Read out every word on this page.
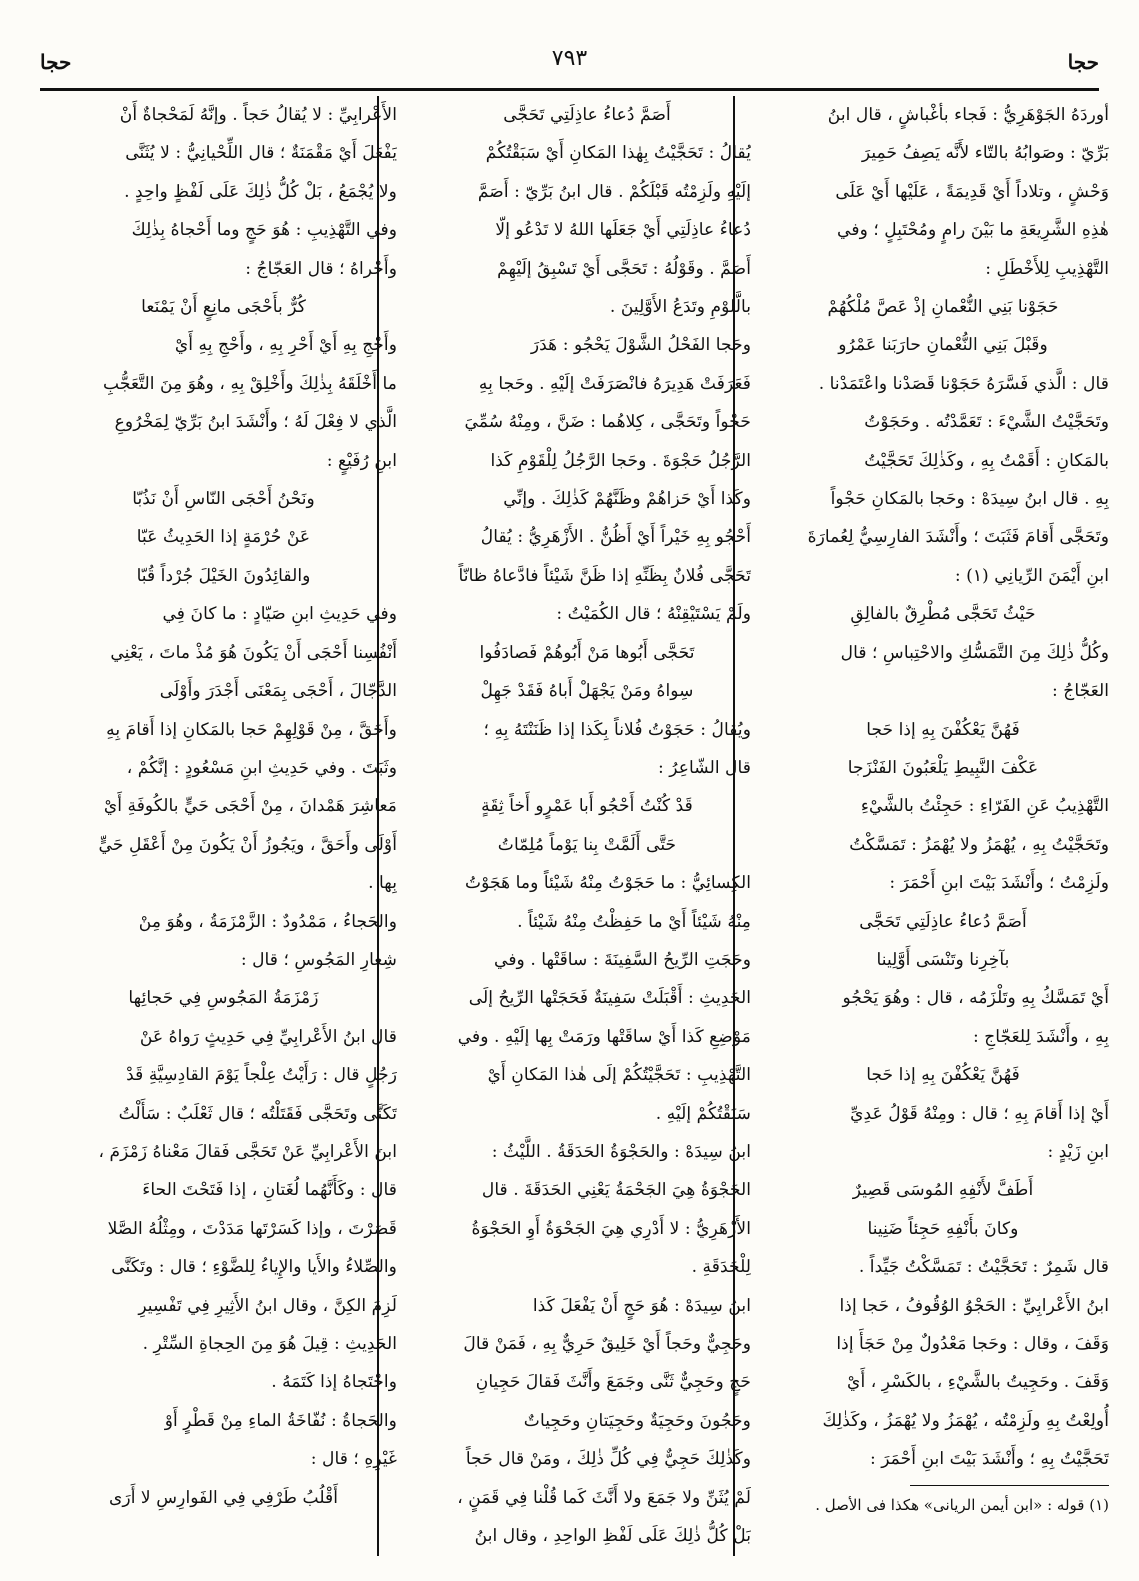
حجا	٧٩٣	حجا
أوردَهُ الجَوْهَرِيُّ : فَجاء بأغْباشٍ ، قال ابنُ
بَرِّيّ : وصَوابُهُ بالتّاء لأَنَّه يَصِفُ حَمِيرَ
وَحْشٍ ، وتلاداً أَيْ قَدِيمَةً ، عَلَيْها أَيْ عَلَى
هٰذِهِ الشَّرِيعَةِ ما بَيْنَ رامٍ ومُحْتَبِلٍ ؛ وفي
التَّهْذِيبِ لِلأَخْطَلِ :
حَجَوْنا بَنِي النُّعْمانِ إذْ عَصَّ مُلْكُهُمْ
وقَبْلَ بَنِي النُّعْمانِ حارَبَنا عَمْرُو
قال : الَّذي فَسَّرَهُ حَجَوْنا قَصَدْنا واعْتَمَدْنا .
وتَحَجَّيْتُ الشَّيْءَ : تَعَمَّدْتُه . وحَجَوْتُ
بالمَكانِ : أَقَمْتُ بِهِ ، وكَذٰلِكَ تَحَجَّيْتُ
بِهِ . قال ابنُ سِيدَهْ : وحَجا بالمَكانِ حَجْواً
وتَحَجَّى أَقامَ فَثَبَتَ ؛ وأَنْشَدَ الفارِسِيُّ لِعُمارَةَ
ابنِ أَيْمَنَ الرِّيانِي (١) :
حَيْثُ تَحَجَّى مُطْرِقٌ بالفالِقِ
وكُلُّ ذٰلِكَ مِنَ التَّمَسُّكِ والاحْتِباسِ ؛ قال
العَجّاجُ :
فَهُنَّ يَعْكُفْنَ بِهِ إذا حَجا
عَكْفَ النَّبِيطِ يَلْعَبُونَ الفَنْزَجا
التَّهْذِيبُ عَنِ الفَرّاءِ : حَجِئْتُ بالشَّيْءِ
وتَحَجَّيْتُ بِهِ ، يُهْمَزُ ولا يُهْمَزُ : تَمَسَّكْتُ
ولَزِمْتُ ؛ وأَنْشَدَ بَيْتَ ابنِ أَحْمَرَ :
أَصَمَّ دُعاءُ عاذِلَتِي تَحَجَّى
بآخِرِنا وتَنْسَى أَوَّلِينا
أَيْ تَمَسَّكُ بِهِ وتَلْزَمُه ، قال : وهُوَ يَحْجُو
بِهِ ، وأَنْشَدَ لِلعَجّاجِ :
فَهُنَّ يَعْكُفْنَ بِهِ إذا حَجا
أَيْ إذا أَقامَ بِهِ ؛ قال : ومِنْهُ قَوْلُ عَدِيِّ
ابنِ زَيْدٍ :
أَطَفَّ لأَنْفِهِ المُوسَى قَصِيرٌ
وكانَ بأَنْفِهِ حَجِئاً ضَنِينا
قال شَمِرٌ : تَحَجَّيْتُ : تَمَسَّكْتُ جَيِّداً .
ابنُ الأَعْرابِيِّ : الحَجْوُ الوُقُوفُ ، حَجا إذا
وَقَفَ ، وقال : وحَجا مَعْدُولٌ مِنْ حَجَأَ إذا
وَقَفَ . وحَجِيتُ بالشَّيْءِ ، بالكَسْرِ ، أَيْ
أُولِعْتُ بِهِ ولَزِمْتُه ، يُهْمَزُ ولا يُهْمَزُ ، وكَذٰلِكَ
تَحَجَّيْتُ بِهِ ؛ وأَنْشَدَ بَيْتَ ابنِ أَحْمَرَ :
(١) قوله : «ابن أيمن الريانى» هكذا فى الأصل .
أَصَمَّ دُعاءُ عاذِلَتِي تَحَجَّى
يُقالُ : تَحَجَّيْتُ بِهٰذا المَكانِ أَيْ سَبَقْتُكُمْ
إلَيْهِ ولَزِمْتُه قَبْلَكُمْ . قال ابنُ بَرِّيّ : أَصَمَّ
دُعاءُ عاذِلَتِي أَيْ جَعَلَها اللهُ لا تَدْعُو إلّا
أَصَمَّ . وقَوْلُهُ : تَحَجَّى أَيْ تَسْبِقُ إلَيْهِمْ
بالَّلوْمِ وتَدَعُ الأَوَّلِينَ .
وحَجا الفَحْلُ الشَّوْلَ يَحْجُو : هَدَرَ
فَعَرَفَتْ هَدِيرَهُ فانْصَرَفَتْ إلَيْهِ . وحَجا بِهِ
حَجْواً وتَحَجَّى ، كِلاهُما : ضَنَّ ، ومِنْهُ سُمِّيَ
الرَّجُلُ حَجْوَةَ . وحَجا الرَّجُلُ لِلْقَوْمِ كَذا
وكَذا أَيْ حَزاهُمْ وظَنَّهُمْ كَذٰلِكَ . وإنِّي
أَحْجُو بِهِ خَيْراً أَيْ أَظُنُّ . الأَزْهَرِيُّ : يُقالُ
تَحَجَّى فُلانٌ بِظَنِّهِ إذا ظَنَّ شَيْئاً فادَّعاهُ ظانّاً
ولَمْ يَسْتَيْقِنْهُ ؛ قال الكُمَيْتُ :
تَحَجَّى أَبُوها مَنْ أَبُوهُمْ فَصادَفُوا
سِواهُ ومَنْ يَجْهَلْ أَباهُ فَقَدْ جَهِلْ
ويُقالُ : حَجَوْتُ فُلاناً بِكَذا إذا ظَنَنْتَهُ بِهِ ؛
قال الشّاعِرُ :
قَدْ كُنْتُ أَحْجُو أَبا عَمْرٍو أَخاً ثِقَةٍ
حَتَّى أَلَمَّتْ بِنا يَوْماً مُلِمّاتُ
الكِسائِيُّ : ما حَجَوْتُ مِنْهُ شَيْئاً وما هَجَوْتُ
مِنْهُ شَيْئاً أَيْ ما حَفِظْتُ مِنْهُ شَيْئاً .
وحَجَتِ الرِّيحُ السَّفِينَةَ : ساقَتْها . وفي
الحَدِيثِ : أَقْبَلَتْ سَفِينَةٌ فَحَجَتْها الرِّيحُ إلَى
مَوْضِعِ كَذا أَيْ ساقَتْها ورَمَتْ بِها إلَيْهِ . وفي
التَّهْذِيبِ : تَحَجَّيْتُكُمْ إلَى هٰذا المَكانِ أَيْ
سَبَقْتُكُمْ إلَيْهِ .
ابنُ سِيدَهْ : والحَجْوَةُ الحَدَقَةُ . اللَّيْثُ :
الحَجْوَةُ هِيَ الجَحْمَةُ يَعْنِي الحَدَقَةَ . قال
الأَزْهَرِيُّ : لا أَدْرِي هِيَ الجَحْوَةُ أَوِ الحَجْوَةُ
لِلْحَدَقَةِ .
ابنُ سِيدَهْ : هُوَ حَجٍ أَنْ يَفْعَلَ كَذا
وحَجِيٌّ وحَجاً أَيْ خَلِيقٌ حَرِيٌّ بِهِ ، فَمَنْ قالَ
حَجٍ وحَجِيٌّ ثَنَّى وجَمَعَ وأَنَّثَ فَقالَ حَجِيانِ
وحَجُونَ وحَجِيَةٌ وحَجِيَتانِ وحَجِياتٌ
وكَذٰلِكَ حَجِيٌّ فِي كُلِّ ذٰلِكَ ، ومَنْ قال حَجاً
لَمْ يُثَنِّ ولا جَمَعَ ولا أَنَّثَ كَما قُلْنا فِي قَمَنٍ ،
بَلْ كُلُّ ذٰلِكَ عَلَى لَفْظِ الواحِدِ ، وقال ابنُ
الأَعْرابِيِّ : لا يُقالُ حَجاً . وإنَّهُ لَمَحْجاةٌ أَنْ
يَفْعَلَ أَيْ مَقْمَنَةٌ ؛ قال اللِّحْيانِيُّ : لا يُثَنَّى
ولا يُجْمَعُ ، بَلْ كُلُّ ذٰلِكَ عَلَى لَفْظٍ واحِدٍ .
وفي التَّهْذِيبِ : هُوَ حَجٍ وما أَحْجاهُ بِذٰلِكَ
وأَحْراهُ ؛ قال العَجّاجُ :
كُرٌّ بأَحْجَى مانِعٍ أَنْ يَمْنَعا
وأَحْجِ بِهِ أَيْ أَحْرِ بِهِ ، وأَحْجِ بِهِ أَيْ
ما أَخْلَقَهُ بِذٰلِكَ وأَخْلِقْ بِهِ ، وهُوَ مِنَ التَّعَجُّبِ
الَّذي لا فِعْلَ لَهُ ؛ وأَنْشَدَ ابنُ بَرِّيّ لِمَخْرُوعِ
ابنِ رُفَيْعٍ :
ونَحْنُ أَحْجَى النّاسِ أَنْ نَذُبّا
عَنْ حُرْمَةٍ إذا الحَدِيثُ عَبّا
والقائِدُونَ الخَيْلَ جُرْداً قُبّا
وفي حَدِيثِ ابنِ صَيّادٍ : ما كانَ فِي
أَنْفُسِنا أَحْجَى أَنْ يَكُونَ هُوَ مُذْ ماتَ ، يَعْنِي
الدَّجّالَ ، أَحْجَى بِمَعْنَى أَجْدَرَ وأَوْلَى
وأَحَقَّ ، مِنْ قَوْلِهِمْ حَجا بالمَكانِ إذا أَقامَ بِهِ
وثَبَتَ . وفي حَدِيثِ ابنِ مَسْعُودٍ : إنَّكُمْ ،
مَعاشِرَ هَمْدانَ ، مِنْ أَحْجَى حَيٍّ بالكُوفَةِ أَيْ
أَوْلَى وأَحَقَّ ، ويَجُوزُ أَنْ يَكُونَ مِنْ أَعْقَلِ حَيٍّ
بِها .
والحَجاءُ ، مَمْدُودٌ : الزَّمْزَمَةُ ، وهُوَ مِنْ
شِعارِ المَجُوسِ ؛ قال :
زَمْزَمَةُ المَجُوسِ فِي حَجائِها
قال ابنُ الأَعْرابِيِّ فِي حَدِيثٍ رَواهُ عَنْ
رَجُلٍ قال : رَأَيْتُ عِلْجاً يَوْمَ القادِسِيَّةِ قَدْ
تَكَنَّى وتَحَجَّى فَقَتَلْتُه ؛ قال ثَعْلَبٌ : سَأَلْتُ
ابنَ الأَعْرابِيِّ عَنْ تَحَجَّى فَقالَ مَعْناهُ زَمْزَمَ ،
قال : وكَأَنَّهُما لُغَتانِ ، إذا فَتَحْتَ الحاءَ
قَصَرْتَ ، وإذا كَسَرْتَها مَدَدْتَ ، ومِثْلُهُ الصَّلا
والصِّلاءُ والأَيا والإِياءُ لِلضَّوْءِ ؛ قال : وتَكَنَّى
لَزِمَ الكِنَّ ، وقال ابنُ الأَثِيرِ فِي تَفْسِيرِ
الحَدِيثِ : قِيلَ هُوَ مِنَ الحِجاةِ السِّتْرِ .
واحْتَجاهُ إذا كَتَمَهُ .
والحَجاةُ : نُفّاخَةُ الماءِ مِنْ قَطْرٍ أَوْ
غَيْرِهِ ؛ قال :
أَقْلُبُ طَرْفِي فِي الفَوارِسِ لا أَرَى
